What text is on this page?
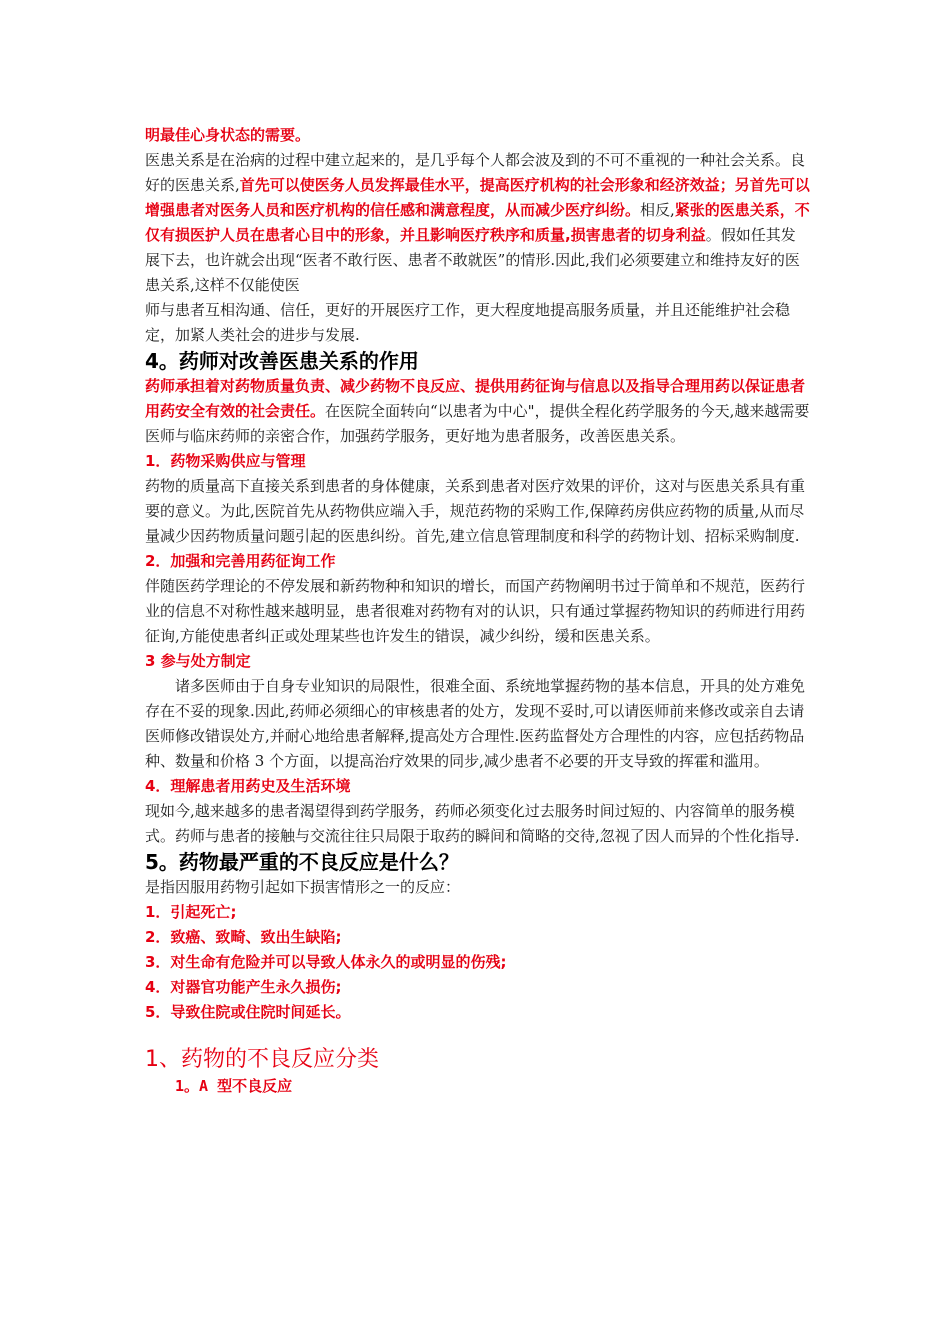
明最佳心身状态的需要。

医患关系是在治病的过程中建立起来的，是几乎每个人都会波及到的不可不重视的一种社会关系。良好的医患关系,首先可以使医务人员发挥最佳水平，提高医疗机构的社会形象和经济效益；另首先可以增强患者对医务人员和医疗机构的信任感和满意程度，从而减少医疗纠纷。相反,紧张的医患关系，不仅有损医护人员在患者心目中的形象，并且影响医疗秩序和质量,损害患者的切身利益。假如任其发展下去，也许就会出现“医者不敢行医、患者不敢就医”的情形.因此,我们必须要建立和维持友好的医患关系,这样不仅能使医

师与患者互相沟通、信任，更好的开展医疗工作，更大程度地提高服务质量，并且还能维护社会稳定，加紧人类社会的进步与发展.

4。药师对改善医患关系的作用

药师承担着对药物质量负责、减少药物不良反应、提供用药征询与信息以及指导合理用药以保证患者用药安全有效的社会责任。在医院全面转向“以患者为中心"，提供全程化药学服务的今天,越来越需要医师与临床药师的亲密合作，加强药学服务，更好地为患者服务，改善医患关系。

1．药物采购供应与管理

药物的质量高下直接关系到患者的身体健康，关系到患者对医疗效果的评价，这对与医患关系具有重要的意义。为此,医院首先从药物供应端入手，规范药物的采购工作,保障药房供应药物的质量,从而尽量减少因药物质量问题引起的医患纠纷。首先,建立信息管理制度和科学的药物计划、招标采购制度.

2．加强和完善用药征询工作

伴随医药学理论的不停发展和新药物种和知识的增长，而国产药物阐明书过于简单和不规范，医药行业的信息不对称性越来越明显，患者很难对药物有对的认识，只有通过掌握药物知识的药师进行用药征询,方能使患者纠正或处理某些也许发生的错误，减少纠纷，缓和医患关系。

3 参与处方制定

诸多医师由于自身专业知识的局限性，很难全面、系统地掌握药物的基本信息，开具的处方难免存在不妥的现象.因此,药师必须细心的审核患者的处方，发现不妥时,可以请医师前来修改或亲自去请医师修改错误处方,并耐心地给患者解释,提高处方合理性.医药监督处方合理性的内容，应包括药物品种、数量和价格 3 个方面，以提高治疗效果的同步,减少患者不必要的开支导致的挥霍和滥用。

4．理解患者用药史及生活环境

现如今,越来越多的患者渴望得到药学服务，药师必须变化过去服务时间过短的、内容简单的服务模式。药师与患者的接触与交流往往只局限于取药的瞬间和简略的交待,忽视了因人而异的个性化指导.

5。药物最严重的不良反应是什么？

是指因服用药物引起如下损害情形之一的反应：

1．引起死亡;

2．致癌、致畸、致出生缺陷;

3．对生命有危险并可以导致人体永久的或明显的伤残;

4．对器官功能产生永久损伤;

5．导致住院或住院时间延长。

1、药物的不良反应分类

1。A 型不良反应
